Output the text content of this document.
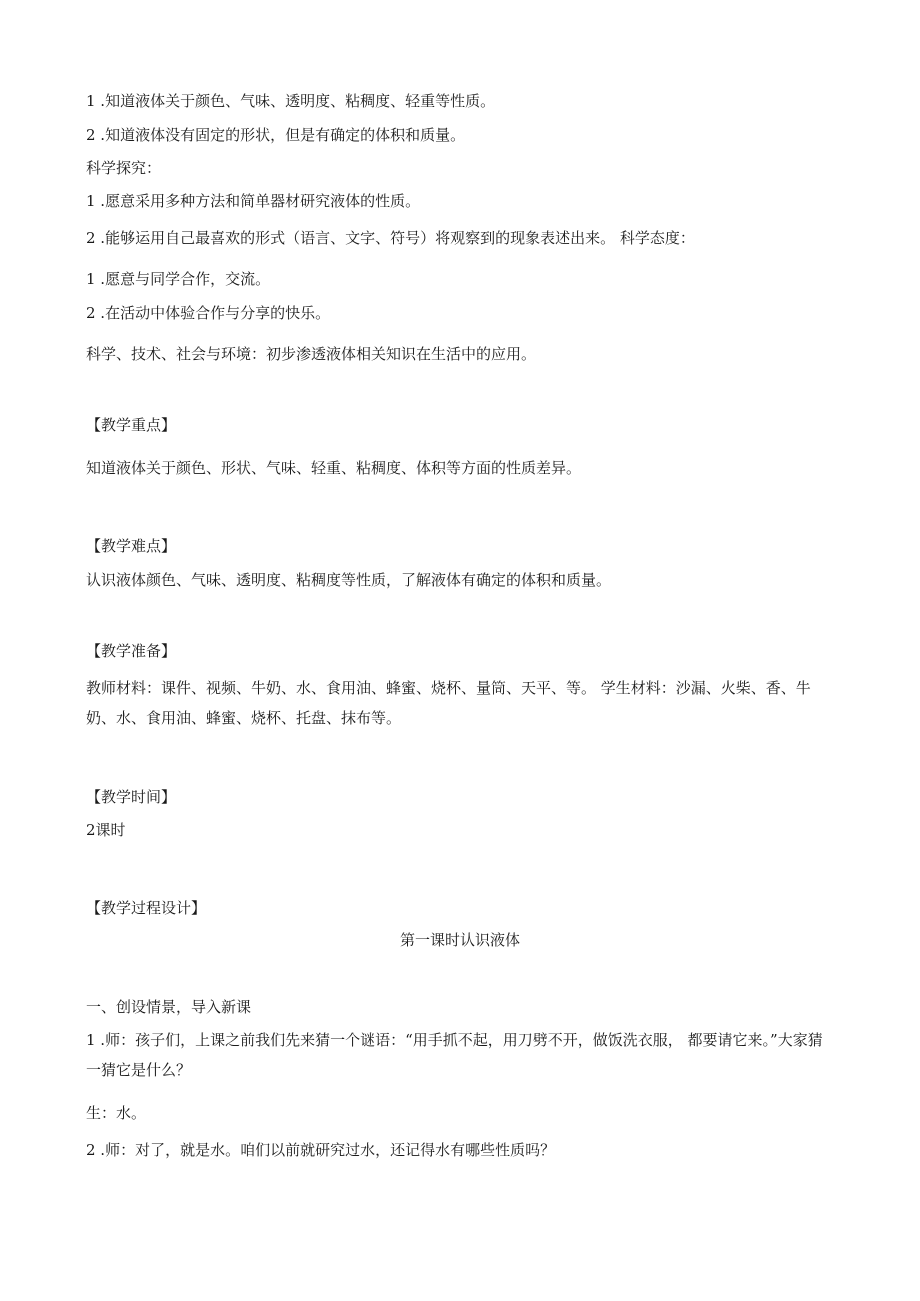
1 .知道液体关于颜色、气味、透明度、粘稠度、轻重等性质。
2 .知道液体没有固定的形状，但是有确定的体积和质量。
科学探究：
1 .愿意采用多种方法和简单器材研究液体的性质。
2 .能够运用自己最喜欢的形式（语言、文字、符号）将观察到的现象表述出来。 科学态度：
1 .愿意与同学合作，交流。
2 .在活动中体验合作与分享的快乐。
科学、技术、社会与环境：初步渗透液体相关知识在生活中的应用。
【教学重点】
知道液体关于颜色、形状、气味、轻重、粘稠度、体积等方面的性质差异。
【教学难点】
认识液体颜色、气味、透明度、粘稠度等性质，了解液体有确定的体积和质量。
【教学准备】
教师材料：课件、视频、牛奶、水、食用油、蜂蜜、烧杯、量筒、天平、等。 学生材料：沙漏、火柴、香、牛奶、水、食用油、蜂蜜、烧杯、托盘、抹布等。
【教学时间】
2课时
【教学过程设计】
第一课时认识液体
一、创设情景，导入新课
1 .师：孩子们，上课之前我们先来猜一个谜语：“用手抓不起，用刀劈不开，做饭洗衣服， 都要请它来。”大家猜一猜它是什么？
生：水。
2 .师：对了，就是水。咱们以前就研究过水，还记得水有哪些性质吗？
